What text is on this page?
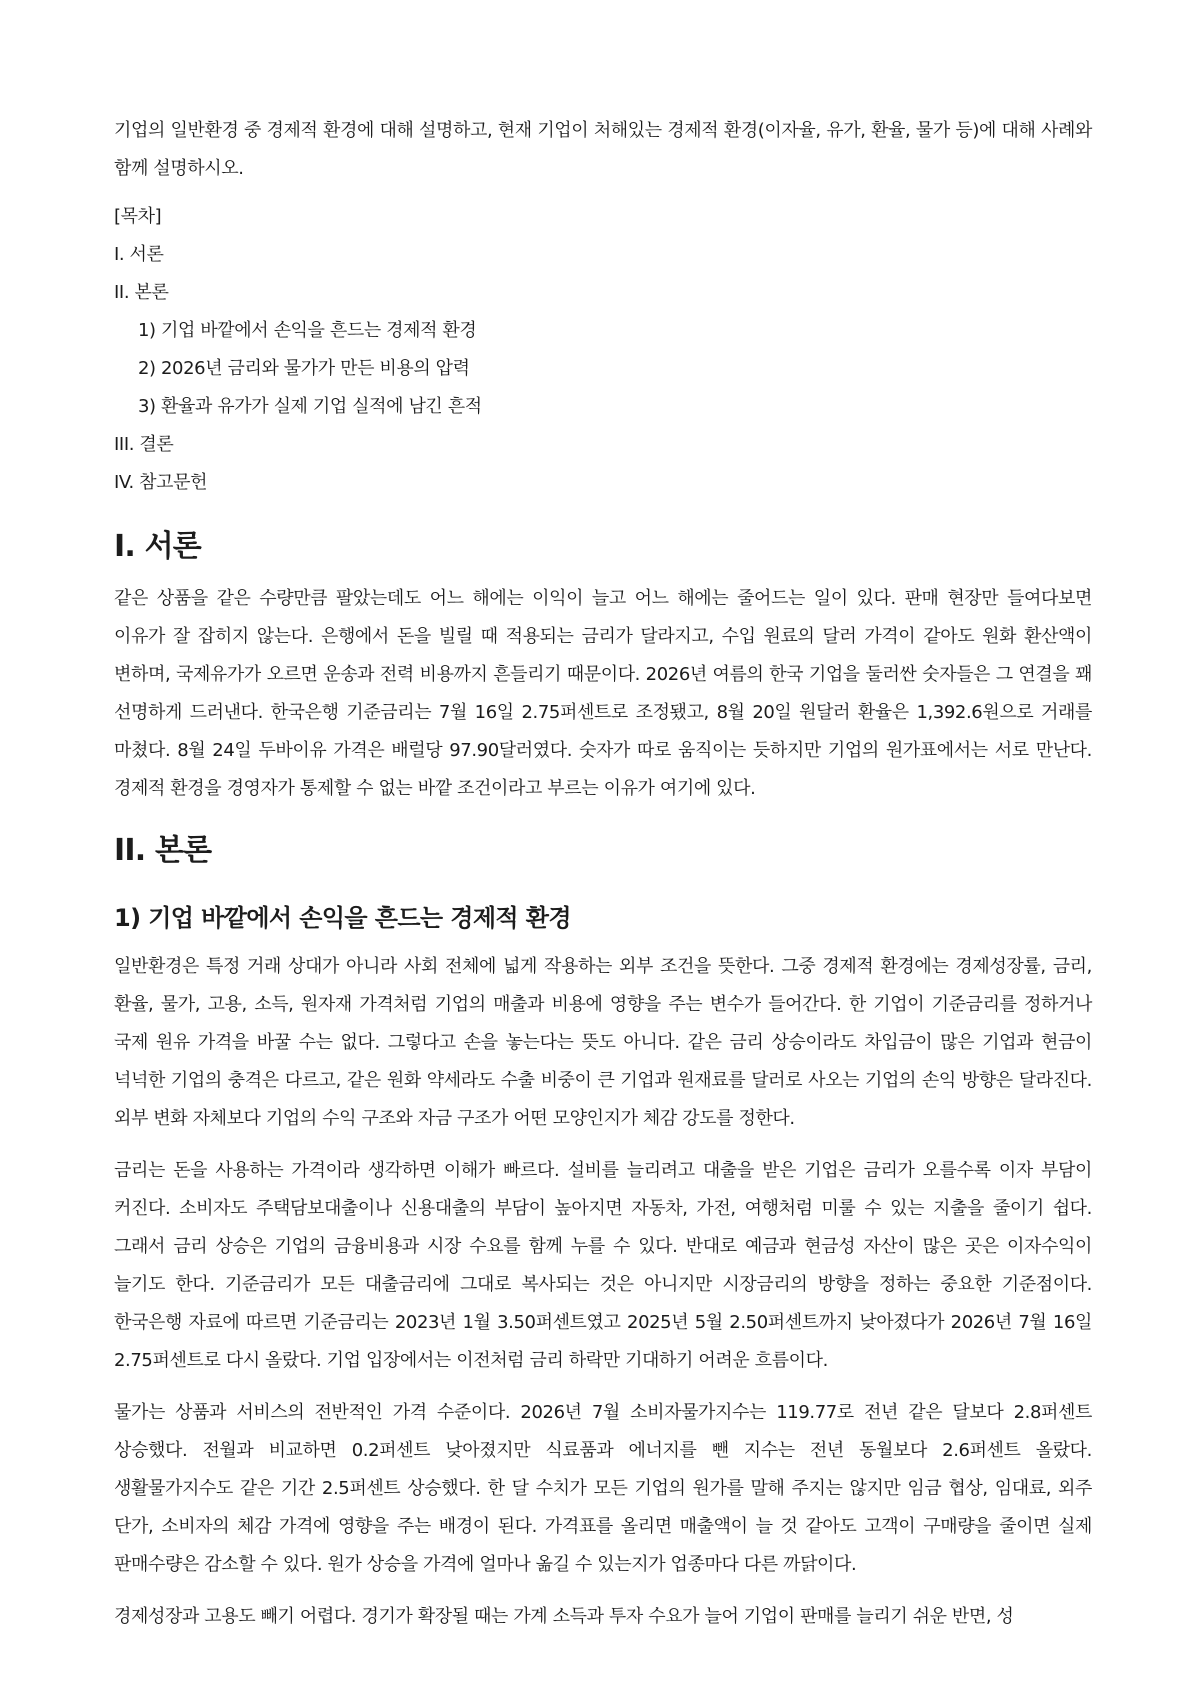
기업의 일반환경 중 경제적 환경에 대해 설명하고, 현재 기업이 처해있는 경제적 환경(이자율, 유가, 환율, 물가 등)에 대해 사례와 함께 설명하시오.

[목차]
I. 서론
II. 본론
1) 기업 바깥에서 손익을 흔드는 경제적 환경
2) 2026년 금리와 물가가 만든 비용의 압력
3) 환율과 유가가 실제 기업 실적에 남긴 흔적
III. 결론
IV. 참고문헌
I. 서론

같은 상품을 같은 수량만큼 팔았는데도 어느 해에는 이익이 늘고 어느 해에는 줄어드는 일이 있다. 판매 현장만 들여다보면 이유가 잘 잡히지 않는다. 은행에서 돈을 빌릴 때 적용되는 금리가 달라지고, 수입 원료의 달러 가격이 같아도 원화 환산액이 변하며, 국제유가가 오르면 운송과 전력 비용까지 흔들리기 때문이다. 2026년 여름의 한국 기업을 둘러싼 숫자들은 그 연결을 꽤 선명하게 드러낸다. 한국은행 기준금리는 7월 16일 2.75퍼센트로 조정됐고, 8월 20일 원달러 환율은 1,392.6원으로 거래를 마쳤다. 8월 24일 두바이유 가격은 배럴당 97.90달러였다. 숫자가 따로 움직이는 듯하지만 기업의 원가표에서는 서로 만난다. 경제적 환경을 경영자가 통제할 수 없는 바깥 조건이라고 부르는 이유가 여기에 있다.

II. 본론
1) 기업 바깥에서 손익을 흔드는 경제적 환경

일반환경은 특정 거래 상대가 아니라 사회 전체에 넓게 작용하는 외부 조건을 뜻한다. 그중 경제적 환경에는 경제성장률, 금리, 환율, 물가, 고용, 소득, 원자재 가격처럼 기업의 매출과 비용에 영향을 주는 변수가 들어간다. 한 기업이 기준금리를 정하거나 국제 원유 가격을 바꿀 수는 없다. 그렇다고 손을 놓는다는 뜻도 아니다. 같은 금리 상승이라도 차입금이 많은 기업과 현금이 넉넉한 기업의 충격은 다르고, 같은 원화 약세라도 수출 비중이 큰 기업과 원재료를 달러로 사오는 기업의 손익 방향은 달라진다. 외부 변화 자체보다 기업의 수익 구조와 자금 구조가 어떤 모양인지가 체감 강도를 정한다.

금리는 돈을 사용하는 가격이라 생각하면 이해가 빠르다. 설비를 늘리려고 대출을 받은 기업은 금리가 오를수록 이자 부담이 커진다. 소비자도 주택담보대출이나 신용대출의 부담이 높아지면 자동차, 가전, 여행처럼 미룰 수 있는 지출을 줄이기 쉽다. 그래서 금리 상승은 기업의 금융비용과 시장 수요를 함께 누를 수 있다. 반대로 예금과 현금성 자산이 많은 곳은 이자수익이 늘기도 한다. 기준금리가 모든 대출금리에 그대로 복사되는 것은 아니지만 시장금리의 방향을 정하는 중요한 기준점이다. 한국은행 자료에 따르면 기준금리는 2023년 1월 3.50퍼센트였고 2025년 5월 2.50퍼센트까지 낮아졌다가 2026년 7월 16일 2.75퍼센트로 다시 올랐다. 기업 입장에서는 이전처럼 금리 하락만 기대하기 어려운 흐름이다.

물가는 상품과 서비스의 전반적인 가격 수준이다. 2026년 7월 소비자물가지수는 119.77로 전년 같은 달보다 2.8퍼센트 상승했다. 전월과 비교하면 0.2퍼센트 낮아졌지만 식료품과 에너지를 뺀 지수는 전년 동월보다 2.6퍼센트 올랐다. 생활물가지수도 같은 기간 2.5퍼센트 상승했다. 한 달 수치가 모든 기업의 원가를 말해 주지는 않지만 임금 협상, 임대료, 외주 단가, 소비자의 체감 가격에 영향을 주는 배경이 된다. 가격표를 올리면 매출액이 늘 것 같아도 고객이 구매량을 줄이면 실제 판매수량은 감소할 수 있다. 원가 상승을 가격에 얼마나 옮길 수 있는지가 업종마다 다른 까닭이다.

경제성장과 고용도 빼기 어렵다. 경기가 확장될 때는 가계 소득과 투자 수요가 늘어 기업이 판매를 늘리기 쉬운 반면, 성
